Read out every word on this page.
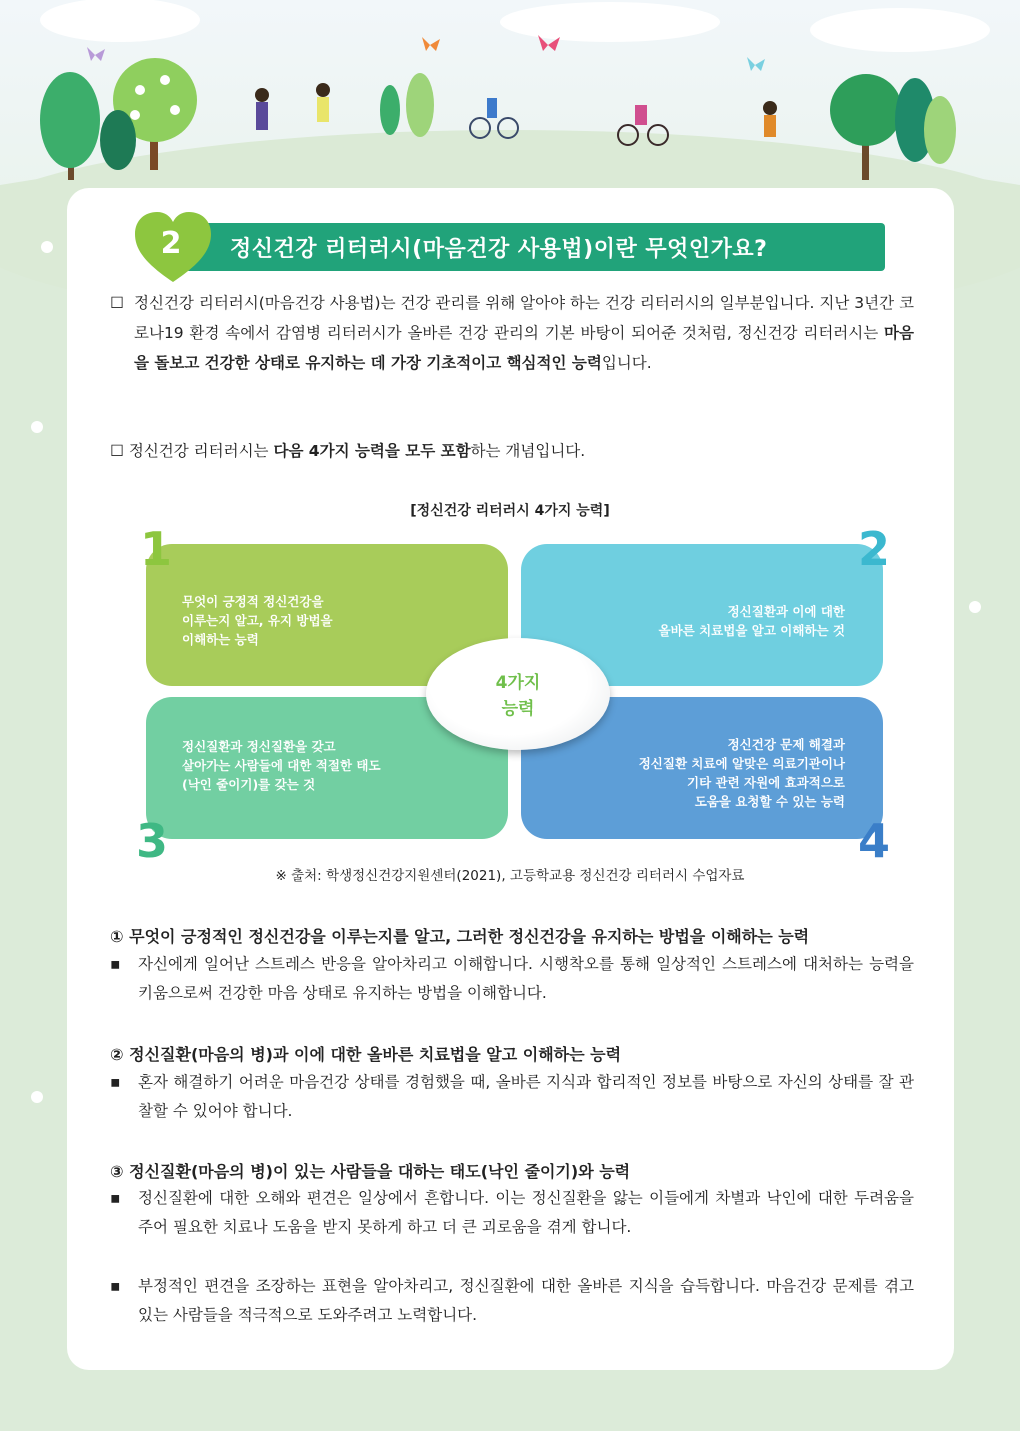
2	정신건강 리터러시(마음건강 사용법)이란 무엇인가요?
☐ 정신건강 리터러시(마음건강 사용법)는 건강 관리를 위해 알아야 하는 건강 리터러시의 일부분입니다. 지난 3년간 코로나19 환경 속에서 감염병 리터러시가 올바른 건강 관리의 기본 바탕이 되어준 것처럼, 정신건강 리터러시는 마음을 돌보고 건강한 상태로 유지하는 데 가장 기초적이고 핵심적인 능력입니다.
☐ 정신건강 리터러시는 다음 4가지 능력을 모두 포함하는 개념입니다.
[정신건강 리터러시 4가지 능력]
무엇이 긍정적 정신건강을
이루는지 알고, 유지 방법을
이해하는 능력
정신질환과 이에 대한
올바른 치료법을 알고 이해하는 것
정신질환과 정신질환을 갖고
살아가는 사람들에 대한 적절한 태도
(낙인 줄이기)를 갖는 것
정신건강 문제 해결과
정신질환 치료에 알맞은 의료기관이나
기타 관련 자원에 효과적으로
도움을 요청할 수 있는 능력
1	2
3	4
4가지
능력
※ 출처: 학생정신건강지원센터(2021), 고등학교용 정신건강 리터러시 수업자료
① 무엇이 긍정적인 정신건강을 이루는지를 알고, 그러한 정신건강을 유지하는 방법을 이해하는 능력
▪	자신에게 일어난 스트레스 반응을 알아차리고 이해합니다. 시행착오를 통해 일상적인 스트레스에 대처하는 능력을 키움으로써 건강한 마음 상태로 유지하는 방법을 이해합니다.
② 정신질환(마음의 병)과 이에 대한 올바른 치료법을 알고 이해하는 능력
▪	혼자 해결하기 어려운 마음건강 상태를 경험했을 때, 올바른 지식과 합리적인 정보를 바탕으로 자신의 상태를 잘 관찰할 수 있어야 합니다.
③ 정신질환(마음의 병)이 있는 사람들을 대하는 태도(낙인 줄이기)와 능력
▪	정신질환에 대한 오해와 편견은 일상에서 흔합니다. 이는 정신질환을 앓는 이들에게 차별과 낙인에 대한 두려움을 주어 필요한 치료나 도움을 받지 못하게 하고 더 큰 괴로움을 겪게 합니다.
▪	부정적인 편견을 조장하는 표현을 알아차리고, 정신질환에 대한 올바른 지식을 습득합니다. 마음건강 문제를 겪고 있는 사람들을 적극적으로 도와주려고 노력합니다.
